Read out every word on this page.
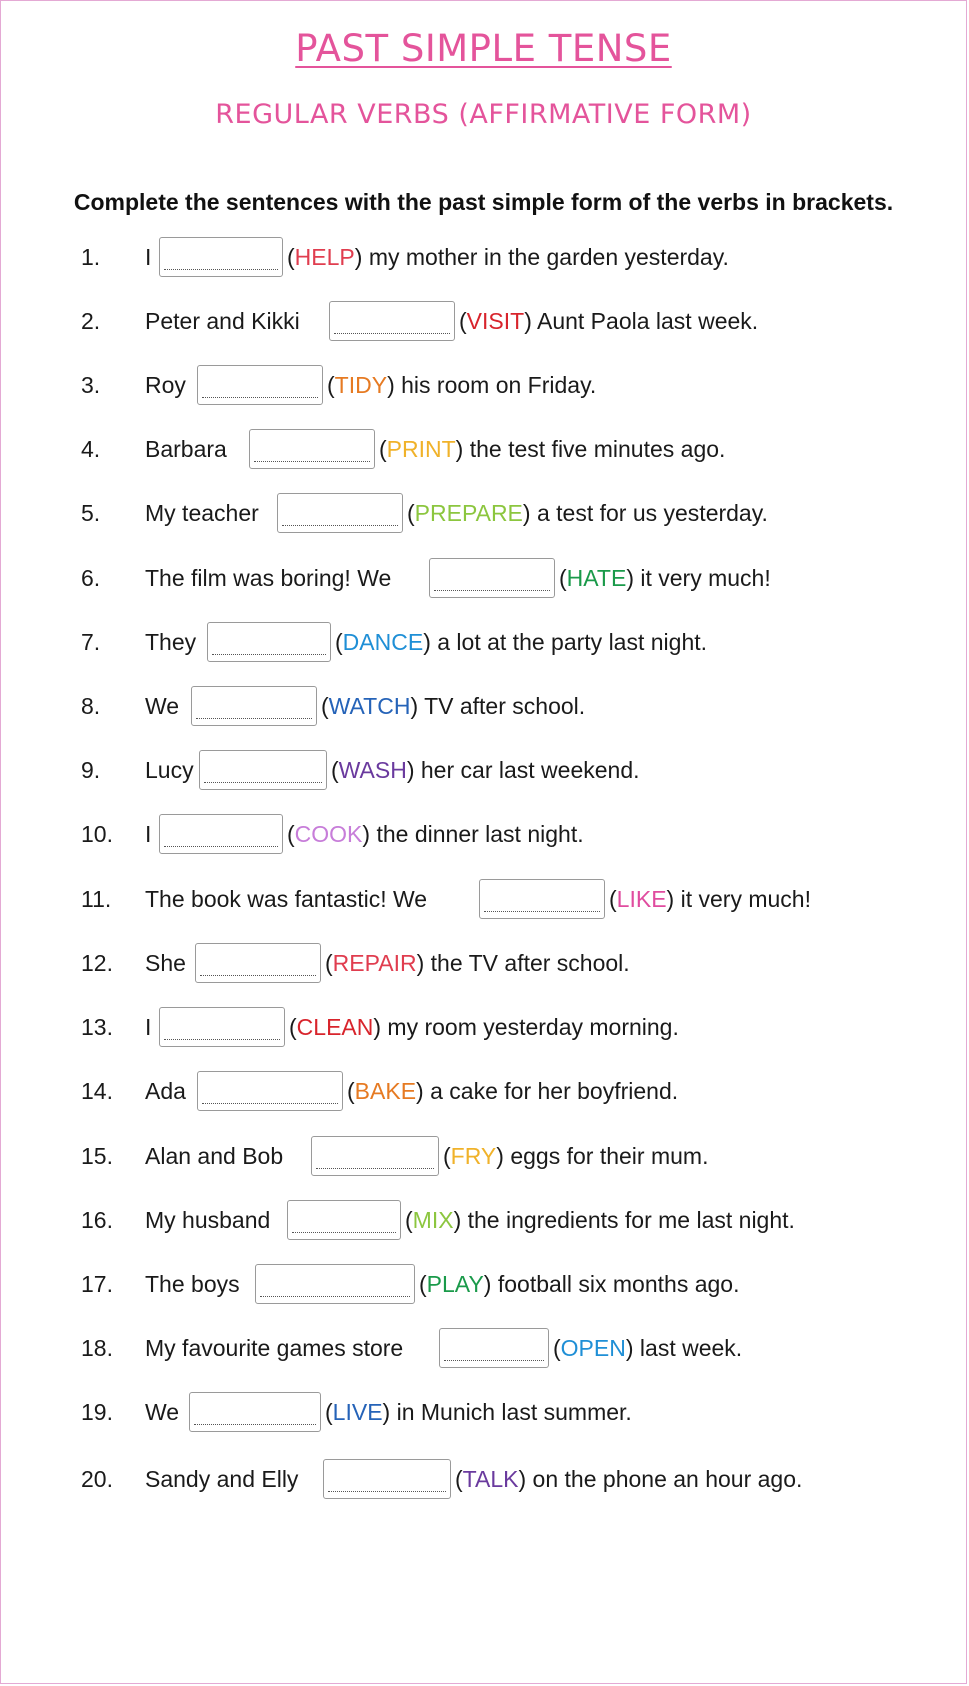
PAST SIMPLE TENSE
REGULAR VERBS (AFFIRMATIVE FORM)
Complete the sentences with the past simple form of the verbs in brackets.
1. I	(HELP) my mother in the garden yesterday.
2. Peter and Kikki	(VISIT) Aunt Paola last week.
3. Roy	(TIDY) his room on Friday.
4. Barbara	(PRINT) the test five minutes ago.
5. My teacher	(PREPARE) a test for us yesterday.
6. The film was boring! We	(HATE) it very much!
7. They	(DANCE) a lot at the party last night.
8. We	(WATCH) TV after school.
9. Lucy	(WASH) her car last weekend.
10. I	(COOK) the dinner last night.
11. The book was fantastic! We	(LIKE) it very much!
12. She	(REPAIR) the TV after school.
13. I	(CLEAN) my room yesterday morning.
14. Ada	(BAKE) a cake for her boyfriend.
15. Alan and Bob	(FRY) eggs for their mum.
16. My husband	(MIX) the ingredients for me last night.
17. The boys	(PLAY) football six months ago.
18. My favourite games store	(OPEN) last week.
19. We	(LIVE) in Munich last summer.
20. Sandy and Elly	(TALK) on the phone an hour ago.
